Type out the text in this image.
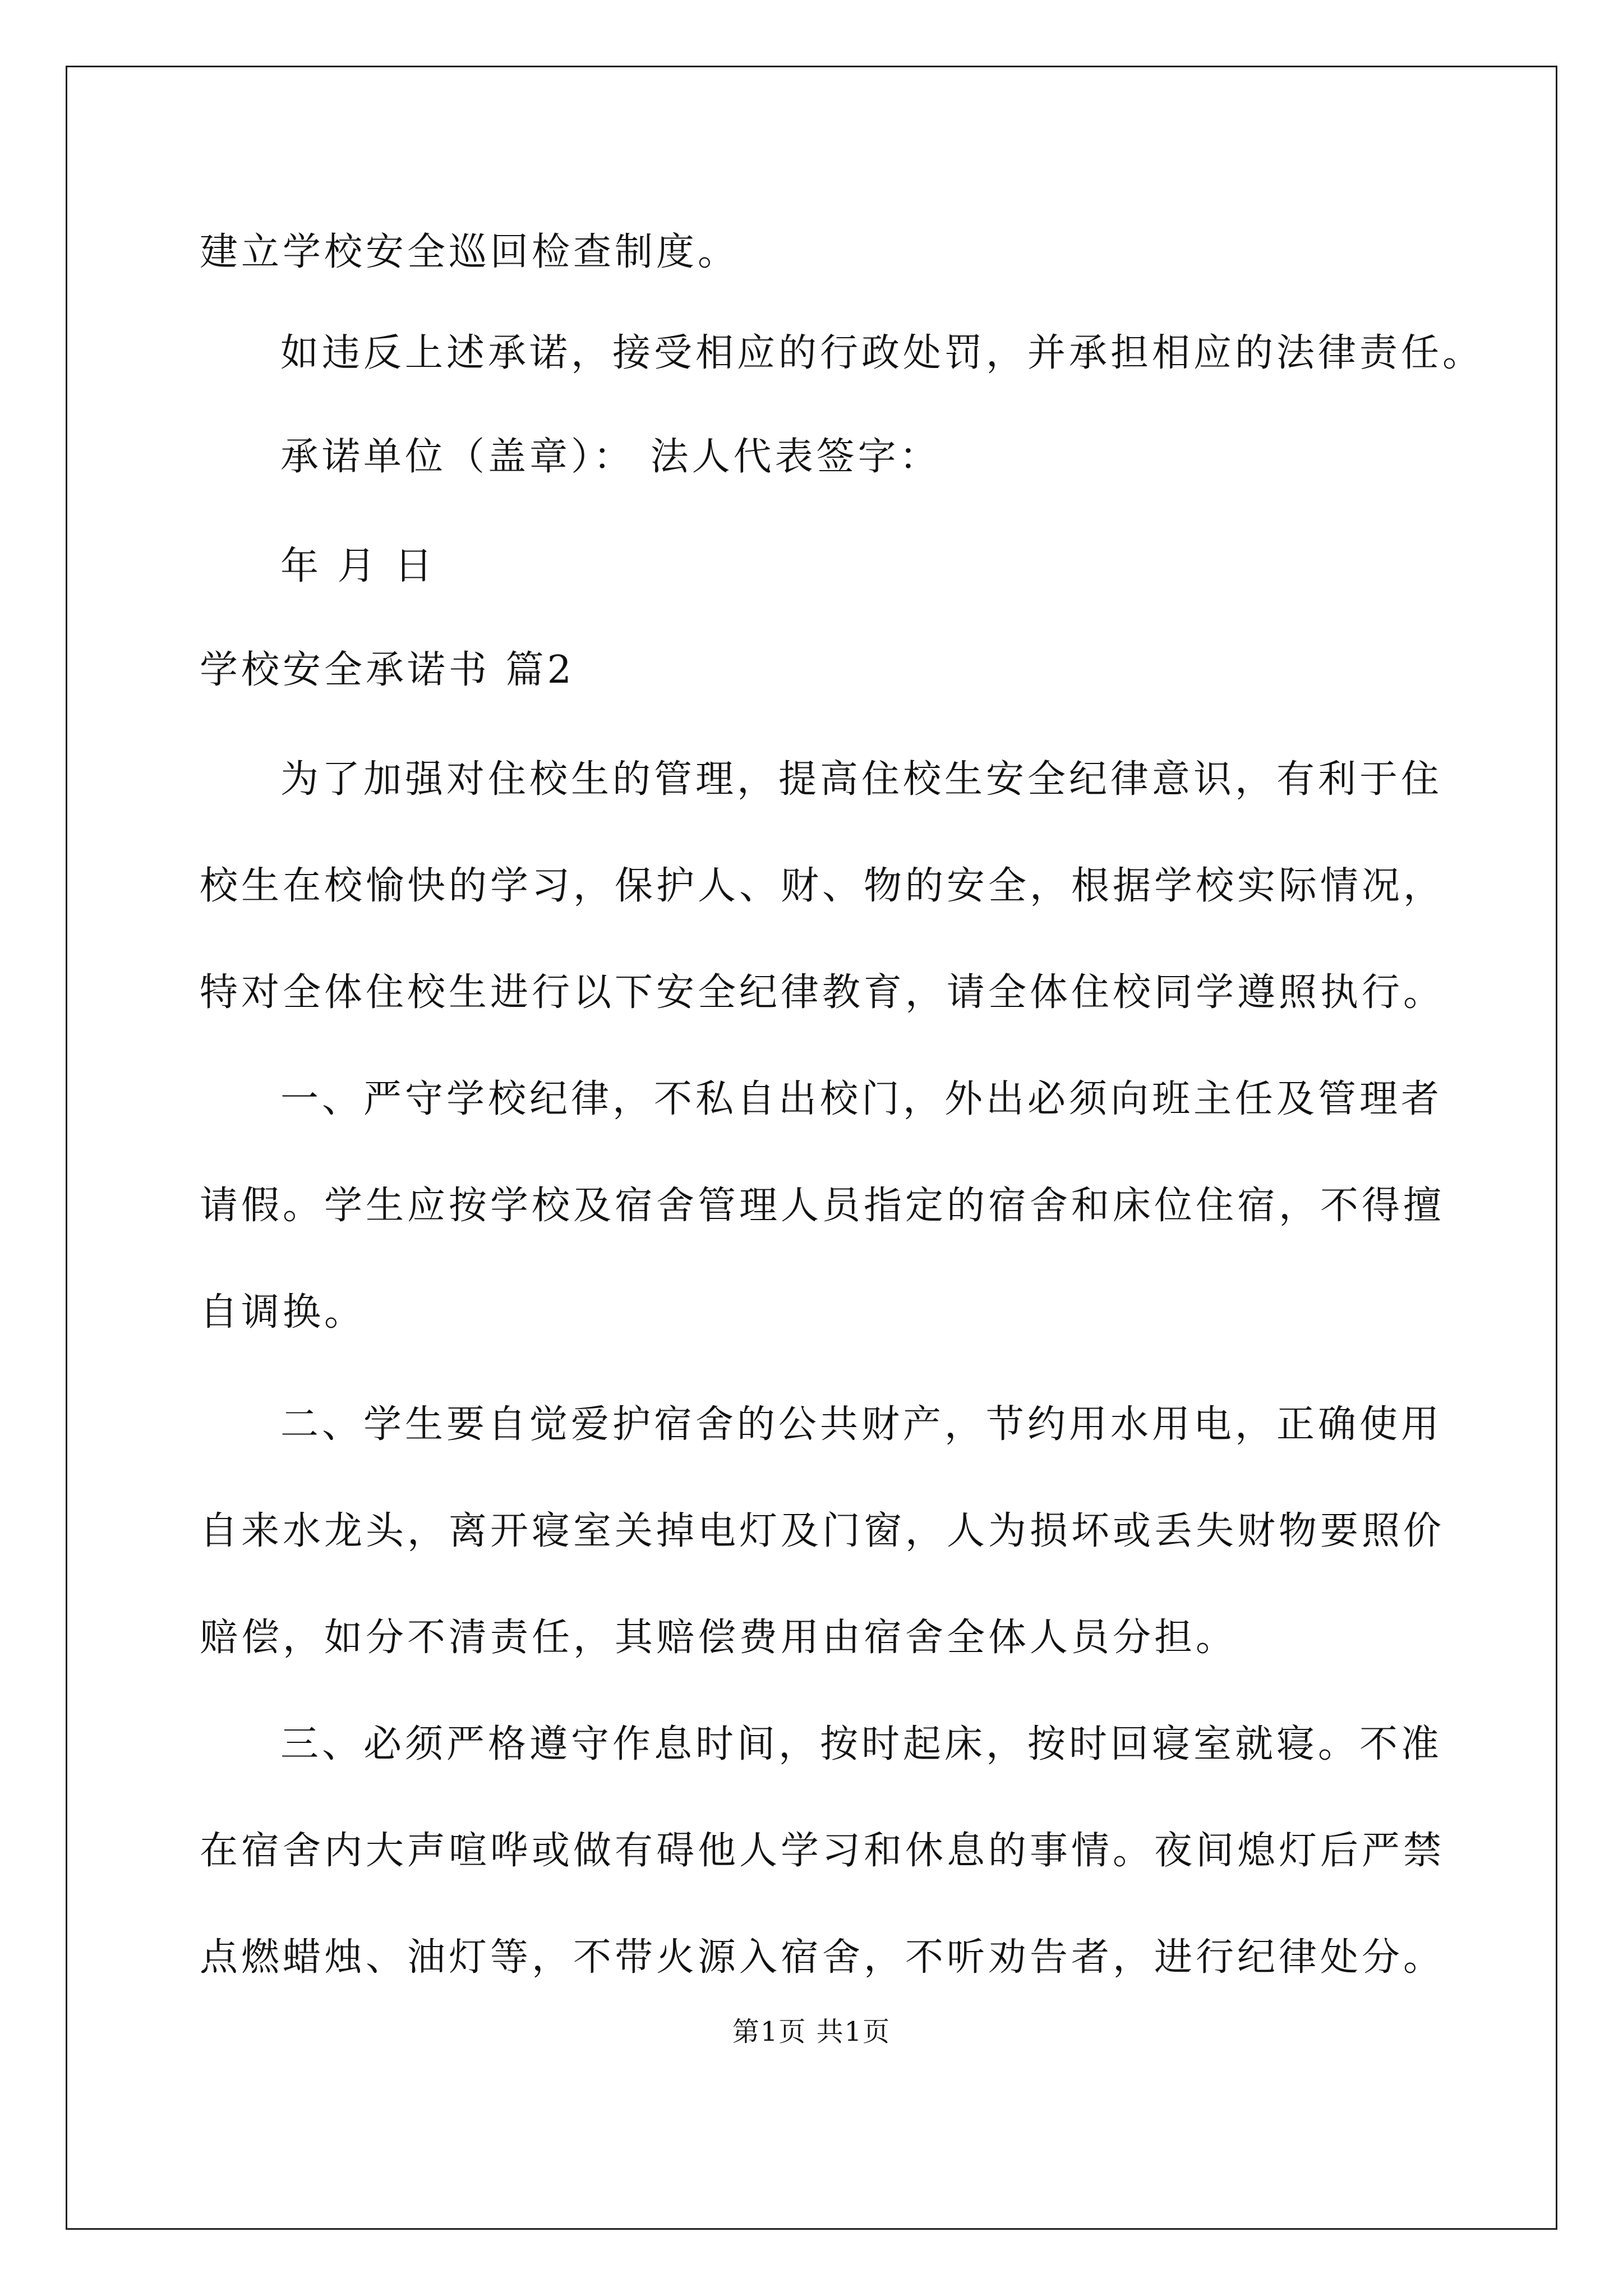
建立学校安全巡回检查制度。
如违反上述承诺，接受相应的行政处罚，并承担相应的法律责任。
承诺单位（盖章）： 法人代表签字：
年 月 日
学校安全承诺书 篇2
为了加强对住校生的管理，提高住校生安全纪律意识，有利于住
校生在校愉快的学习，保护人、财、物的安全，根据学校实际情况，
特对全体住校生进行以下安全纪律教育，请全体住校同学遵照执行。
一、严守学校纪律，不私自出校门，外出必须向班主任及管理者
请假。学生应按学校及宿舍管理人员指定的宿舍和床位住宿，不得擅
自调换。
二、学生要自觉爱护宿舍的公共财产，节约用水用电，正确使用
自来水龙头，离开寝室关掉电灯及门窗，人为损坏或丢失财物要照价
赔偿，如分不清责任，其赔偿费用由宿舍全体人员分担。
三、必须严格遵守作息时间，按时起床，按时回寝室就寝。不准
在宿舍内大声喧哗或做有碍他人学习和休息的事情。夜间熄灯后严禁
点燃蜡烛、油灯等，不带火源入宿舍，不听劝告者，进行纪律处分。
第1页 共1页
